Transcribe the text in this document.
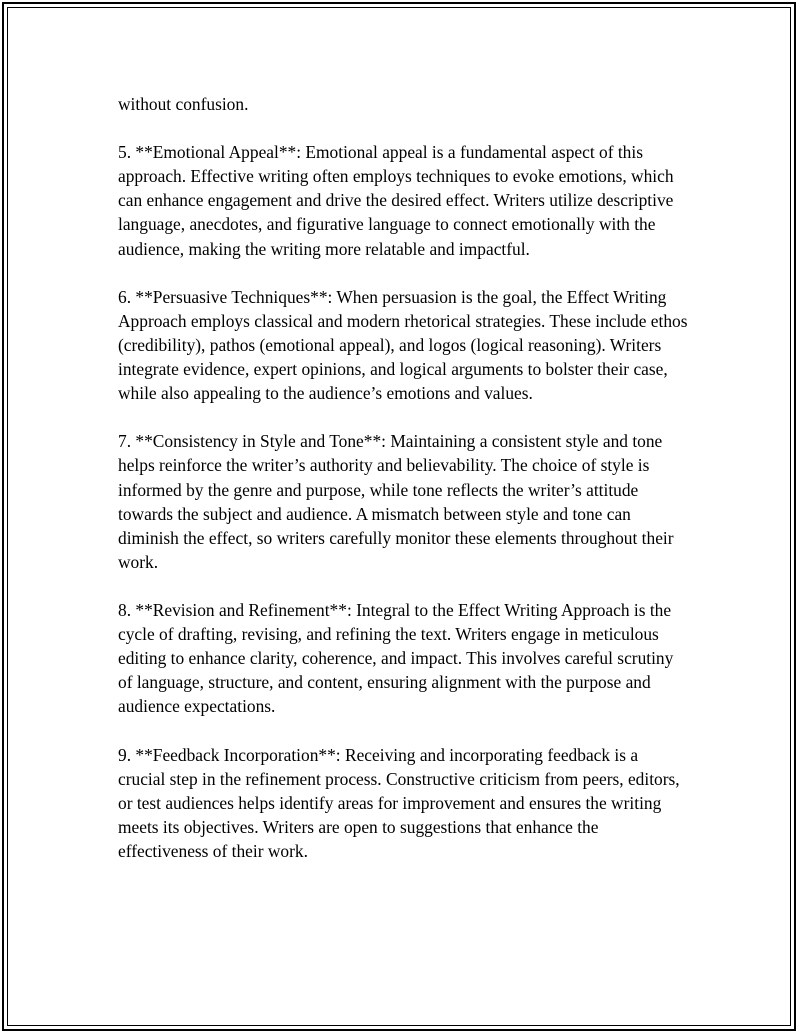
without confusion.

5. **Emotional Appeal**: Emotional appeal is a fundamental aspect of this approach. Effective writing often employs techniques to evoke emotions, which can enhance engagement and drive the desired effect. Writers utilize descriptive language, anecdotes, and figurative language to connect emotionally with the audience, making the writing more relatable and impactful.

6. **Persuasive Techniques**: When persuasion is the goal, the Effect Writing Approach employs classical and modern rhetorical strategies. These include ethos (credibility), pathos (emotional appeal), and logos (logical reasoning). Writers integrate evidence, expert opinions, and logical arguments to bolster their case, while also appealing to the audience’s emotions and values.

7. **Consistency in Style and Tone**: Maintaining a consistent style and tone helps reinforce the writer’s authority and believability. The choice of style is informed by the genre and purpose, while tone reflects the writer’s attitude towards the subject and audience. A mismatch between style and tone can diminish the effect, so writers carefully monitor these elements throughout their work.

8. **Revision and Refinement**: Integral to the Effect Writing Approach is the cycle of drafting, revising, and refining the text. Writers engage in meticulous editing to enhance clarity, coherence, and impact. This involves careful scrutiny of language, structure, and content, ensuring alignment with the purpose and audience expectations.

9. **Feedback Incorporation**: Receiving and incorporating feedback is a crucial step in the refinement process. Constructive criticism from peers, editors, or test audiences helps identify areas for improvement and ensures the writing meets its objectives. Writers are open to suggestions that enhance the effectiveness of their work.
